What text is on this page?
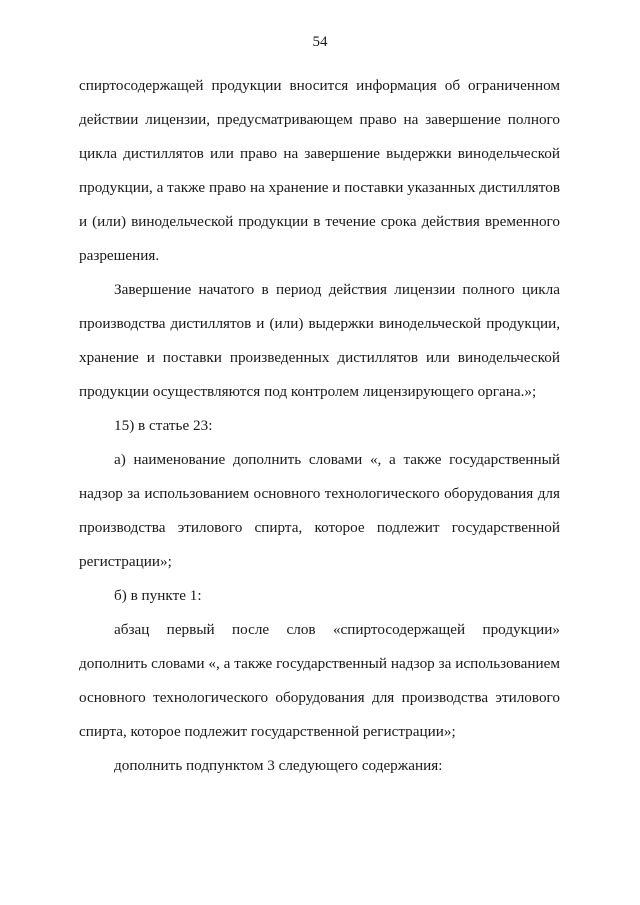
54

спиртосодержащей продукции вносится информация об ограниченном действии лицензии, предусматривающем право на завершение полного цикла дистиллятов или право на завершение выдержки винодельческой продукции, а также право на хранение и поставки указанных дистиллятов и (или) винодельческой продукции в течение срока действия временного разрешения.

Завершение начатого в период действия лицензии полного цикла производства дистиллятов и (или) выдержки винодельческой продукции, хранение и поставки произведенных дистиллятов или винодельческой продукции осуществляются под контролем лицензирующего органа.»;

15) в статье 23:

а) наименование дополнить словами «, а также государственный надзор за использованием основного технологического оборудования для производства этилового спирта, которое подлежит государственной регистрации»;

б) в пункте 1:

абзац первый после слов «спиртосодержащей продукции» дополнить словами «, а также государственный надзор за использованием основного технологического оборудования для производства этилового спирта, которое подлежит государственной регистрации»;

дополнить подпунктом 3 следующего содержания:
